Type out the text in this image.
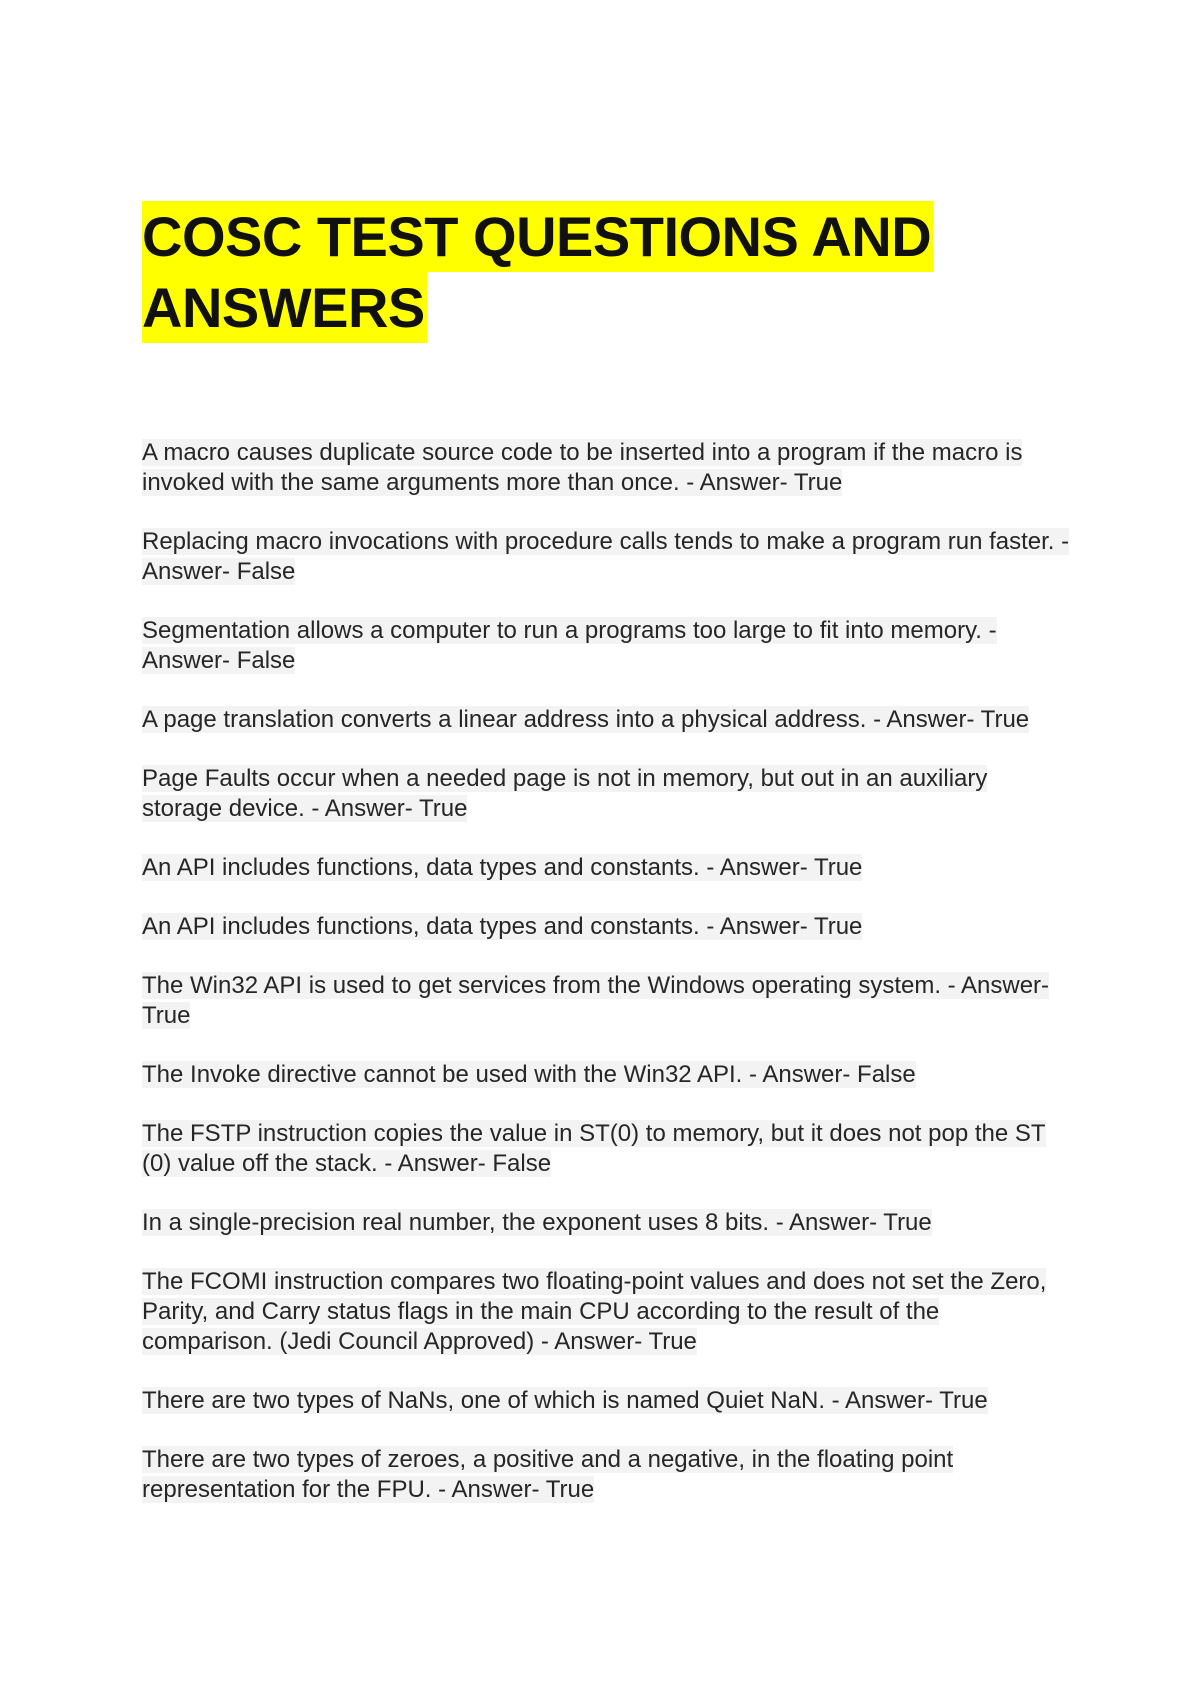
COSC TEST QUESTIONS AND
ANSWERS

A macro causes duplicate source code to be inserted into a program if the macro is invoked with the same arguments more than once. - Answer- True

Replacing macro invocations with procedure calls tends to make a program run faster. - Answer- False

Segmentation allows a computer to run a programs too large to fit into memory. - Answer- False

A page translation converts a linear address into a physical address. - Answer- True

Page Faults occur when a needed page is not in memory, but out in an auxiliary storage device. - Answer- True

An API includes functions, data types and constants. - Answer- True

An API includes functions, data types and constants. - Answer- True

The Win32 API is used to get services from the Windows operating system. - Answer- True

The Invoke directive cannot be used with the Win32 API. - Answer- False

The FSTP instruction copies the value in ST(0) to memory, but it does not pop the ST (0) value off the stack. - Answer- False

In a single-precision real number, the exponent uses 8 bits. - Answer- True

The FCOMI instruction compares two floating-point values and does not set the Zero, Parity, and Carry status flags in the main CPU according to the result of the comparison. (Jedi Council Approved) - Answer- True

There are two types of NaNs, one of which is named Quiet NaN. - Answer- True

There are two types of zeroes, a positive and a negative, in the floating point representation for the FPU. - Answer- True
